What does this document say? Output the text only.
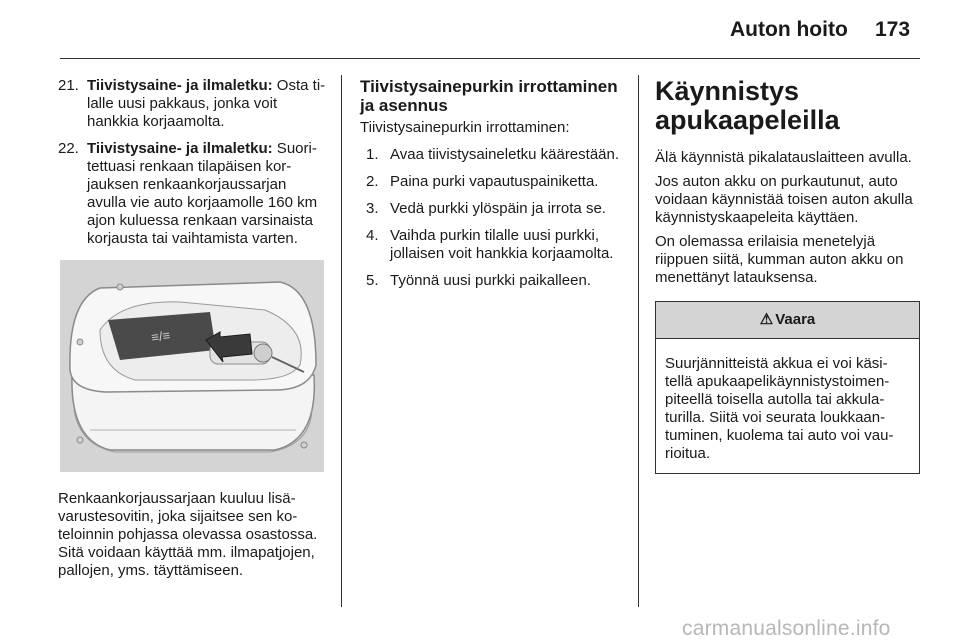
Auton hoito 173
21. Tiivistysaine- ja ilmaletku: Osta tilalle uusi pakkaus, jonka voit hankkia korjaamolta.
22. Tiivistysaine- ja ilmaletku: Suoritettuasi renkaan tilapäisen korjauksen renkaankorjaussarjan avulla vie auto korjaamolle 160 km ajon kuluessa renkaan varsinaista korjausta tai vaihtamista varten.
≡/≡

Renkaankorjaussarjaan kuuluu lisävarustesovitin, joka sijaitsee sen koteloinnin pohjassa olevassa osastossa. Sitä voidaan käyttää mm. ilmapatjojen, pallojen, yms. täyttämiseen.

Tiivistysainepurkin irrottaminen ja asennus

Tiivistysainepurkin irrottaminen:

1. Avaa tiivistysaineletku käärestään.
2. Paina purki vapautuspainiketta.
3. Vedä purkki ylöspäin ja irrota se.
4. Vaihda purkin tilalle uusi purkki, jollaisen voit hankkia korjaamolta.
5. Työnnä uusi purkki paikalleen.
Käynnistys apukaapeleilla

Älä käynnistä pikalatauslaitteen avulla.

Jos auton akku on purkautunut, auto voidaan käynnistää toisen auton akulla käynnistyskaapeleita käyttäen.

On olemassa erilaisia menetelyjä riippuen siitä, kumman auton akku on menettänyt latauksensa.

⚠ Vaara
Suurjännitteistä akkua ei voi käsitellä apukaapelikäynnistystoimenpiteellä toisella autolla tai akkulaturilla. Siitä voi seurata loukkaantuminen, kuolema tai auto voi vaurioitua.
carmanualsonline.info
